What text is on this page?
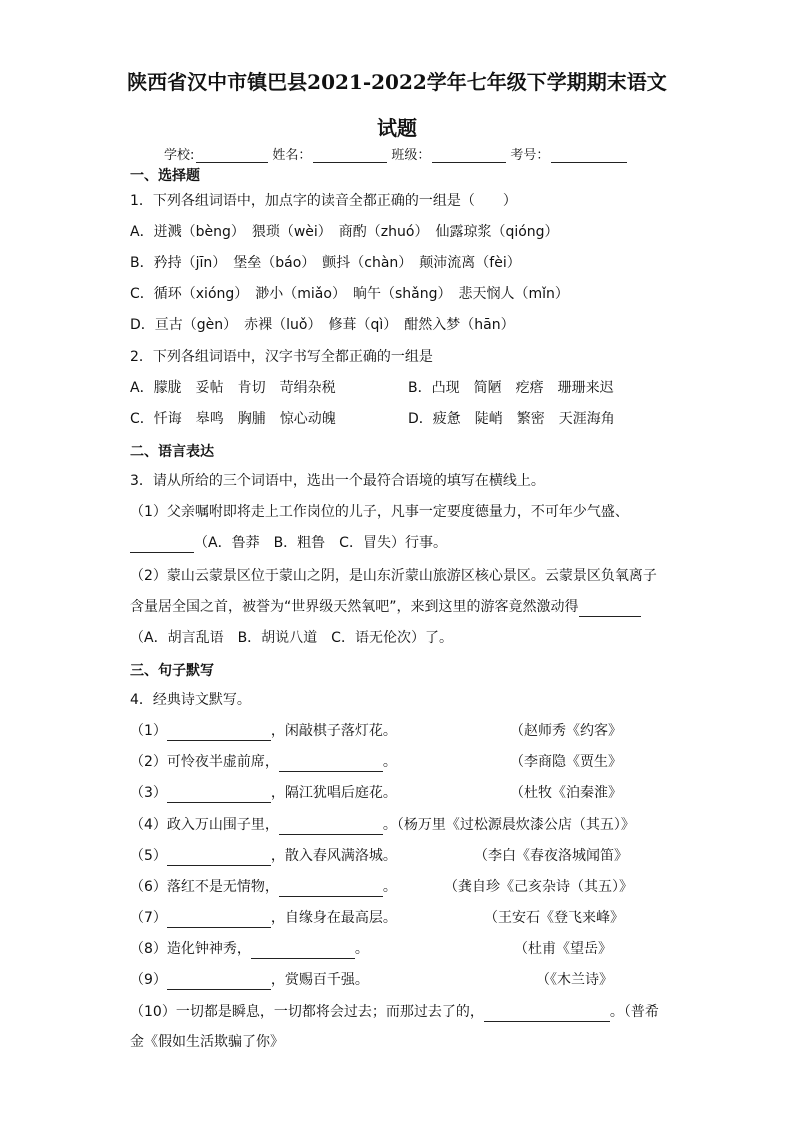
陕西省汉中市镇巴县2021-2022学年七年级下学期期末语文
试题
学校:	姓名：	班级：	考号：
一、选择题
1．下列各组词语中，加点字的读音全都正确的一组是（　　）
A．迸溅（bèng）　猥琐（wèi）　商酌（zhuó）　仙露琼浆（qióng）
B．矜持（jīn）　堡垒（báo）　颤抖（chàn）　颠沛流离（fèi）
C．循环（xióng）　渺小（miǎo）　晌午（shǎng）　悲天悯人（mǐn）
D．亘古（gèn）　赤裸（luǒ）　修葺（qì）　酣然入梦（hān）
2．下列各组词语中，汉字书写全都正确的一组是
A．朦胧　妥帖　肯切　苛绢杂税	B．凸现　简陋　疙瘩　珊珊来迟
C．忏诲　皋鸣　胸脯　惊心动魄	D．疲惫　陡峭　繁密　天涯海角
二、语言表达
3．请从所给的三个词语中，选出一个最符合语境的填写在横线上。
（1）父亲嘱咐即将走上工作岗位的儿子，凡事一定要度德量力，不可年少气盛、
（A．鲁莽　B．粗鲁　C．冒失）行事。
（2）蒙山云蒙景区位于蒙山之阴，是山东沂蒙山旅游区核心景区。云蒙景区负氧离子
含量居全国之首，被誉为“世界级天然氧吧”，来到这里的游客竟然激动得
（A．胡言乱语　B．胡说八道　C．语无伦次）了。
三、句子默写
4．经典诗文默写。
（1）	，闲敲棋子落灯花。	（赵师秀《约客》
（2）可怜夜半虚前席，	。	（李商隐《贾生》
（3）	，隔江犹唱后庭花。	（杜牧《泊秦淮》
（4）政入万山围子里，	。（杨万里《过松源晨炊漆公店（其五）》
（5）	，散入春风满洛城。	（李白《春夜洛城闻笛》
（6）落红不是无情物，	。	（龚自珍《己亥杂诗（其五）》
（7）	，自缘身在最高层。	（王安石《登飞来峰》
（8）造化钟神秀，	。	（杜甫《望岳》
（9）	，赏赐百千强。	（《木兰诗》
（10）一切都是瞬息，一切都将会过去；而那过去了的，	。（普希
金《假如生活欺骗了你》
